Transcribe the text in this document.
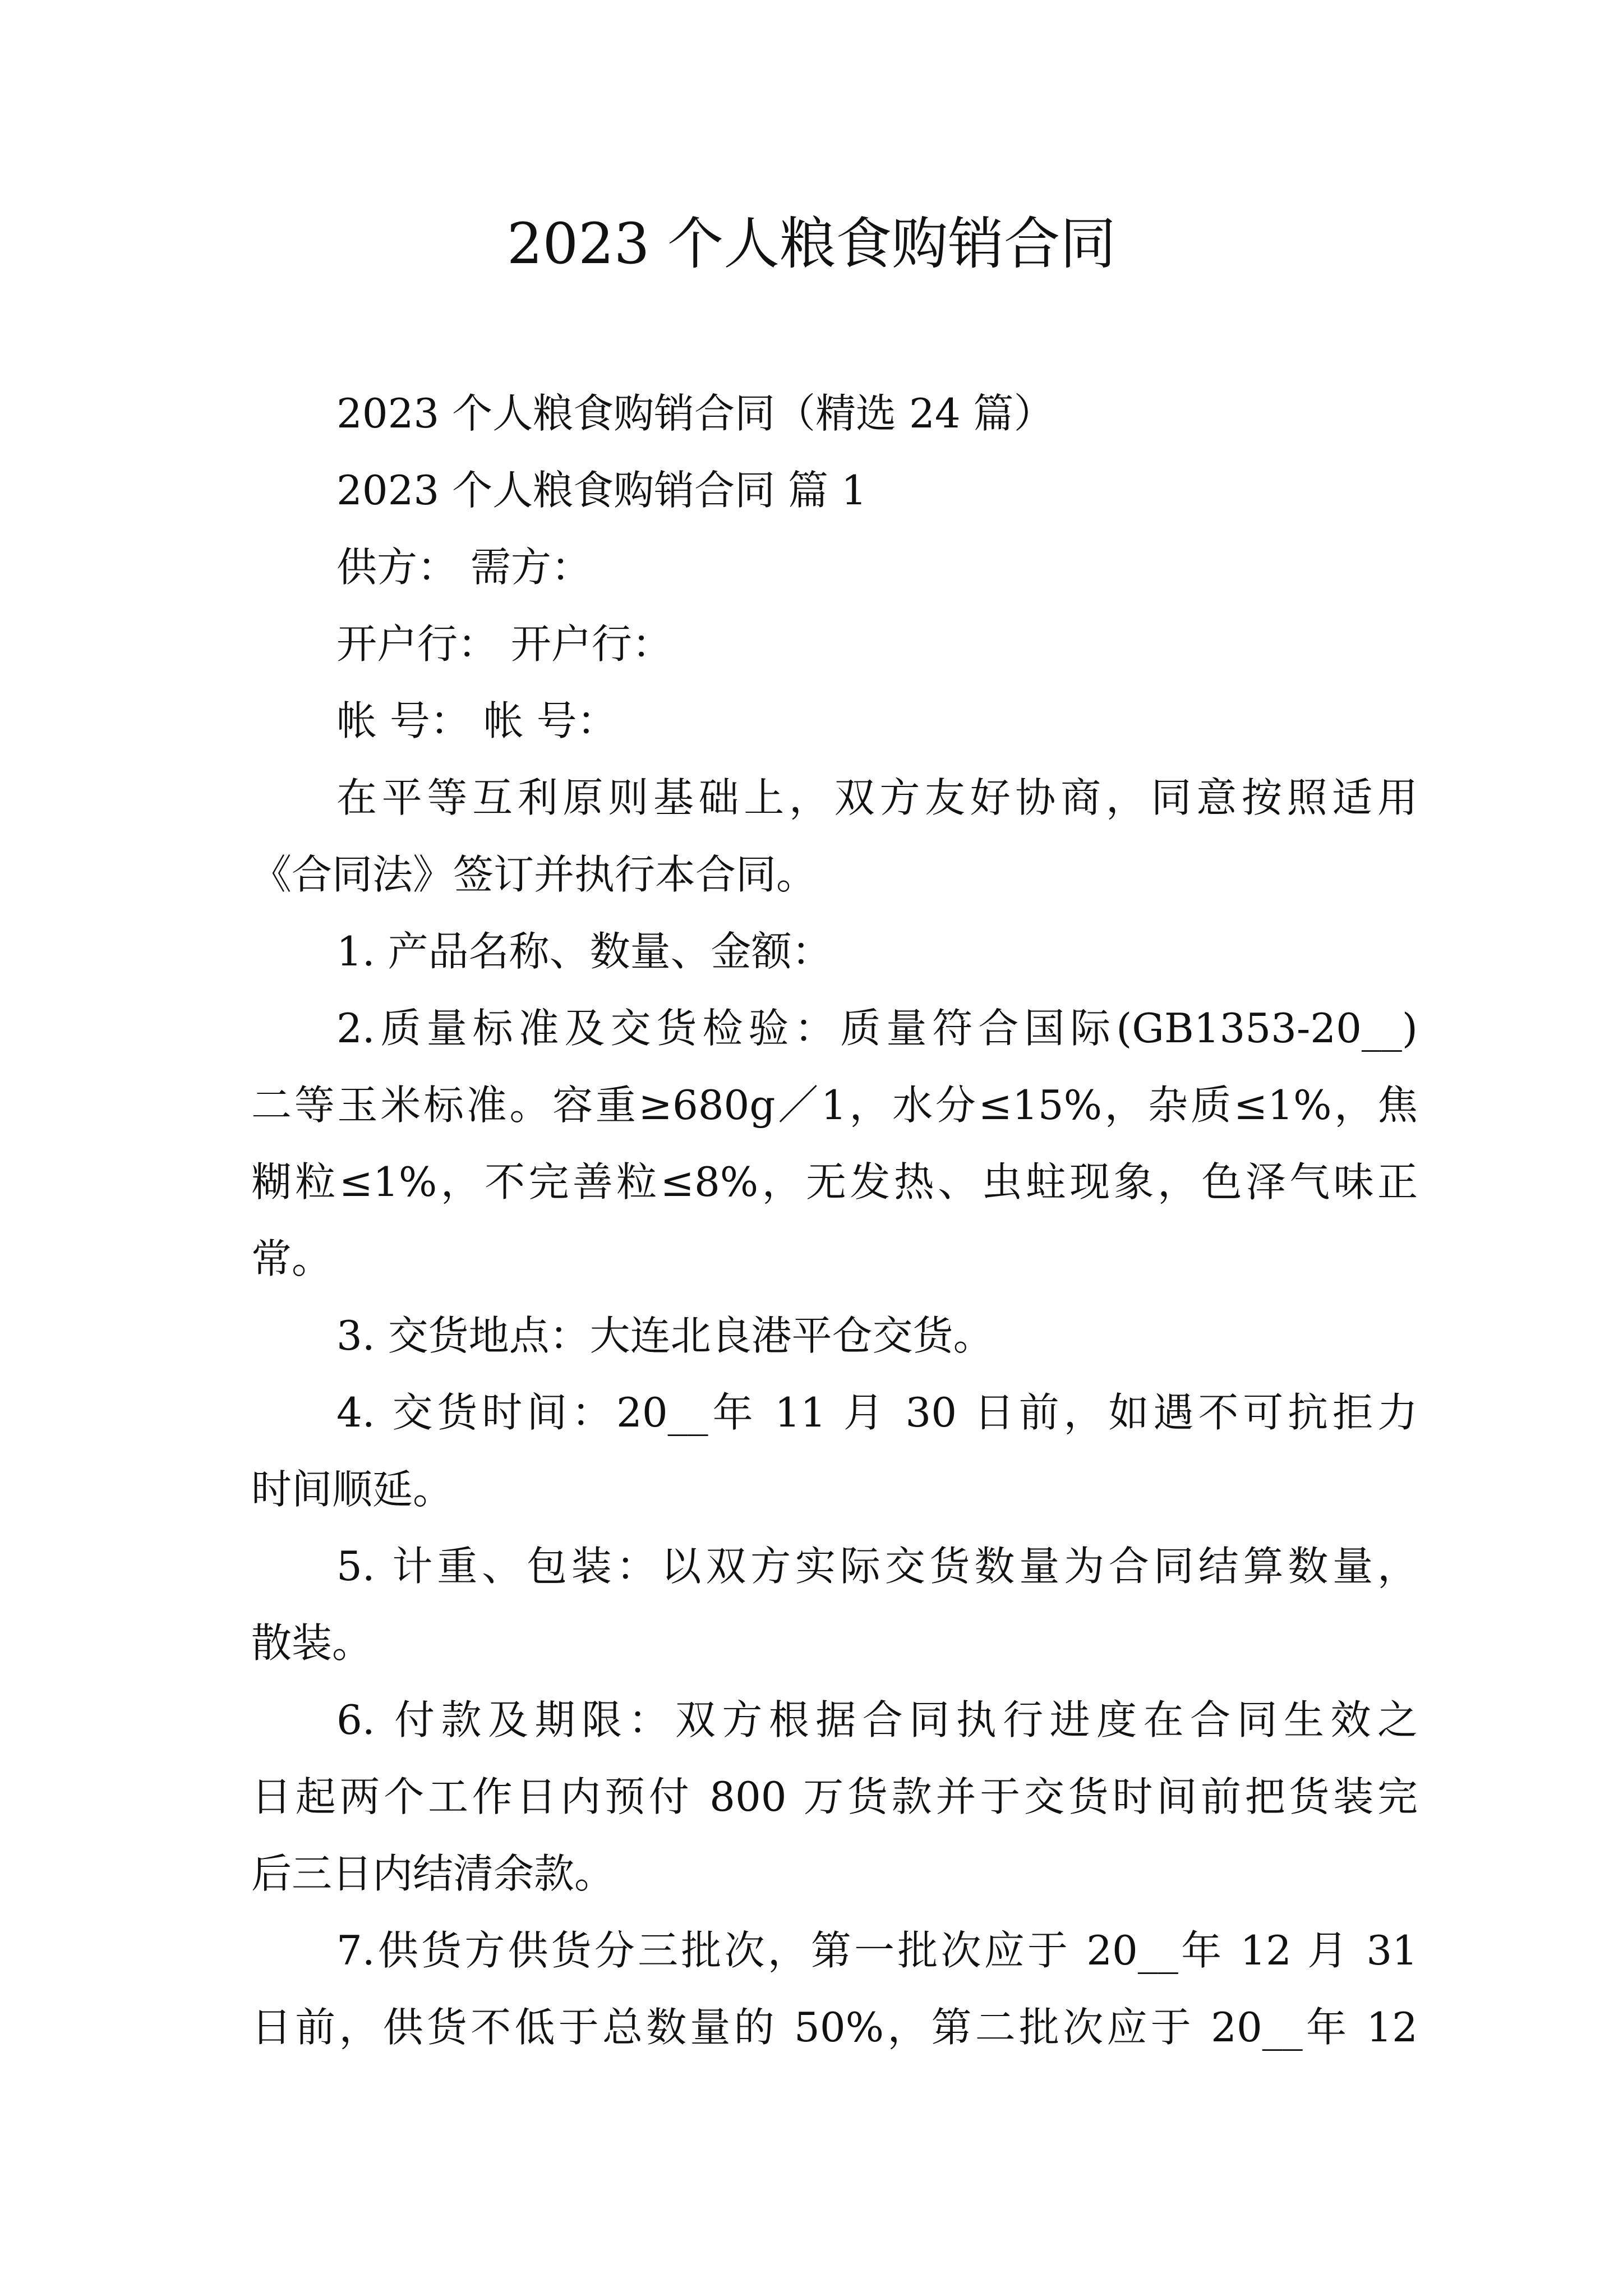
2023 个人粮食购销合同
2023 个人粮食购销合同（精选 24 篇）
2023 个人粮食购销合同 篇 1
供方： 需方：
开户行： 开户行：
帐 号： 帐 号：
在平等互利原则基础上，双方友好协商，同意按照适用
《合同法》签订并执行本合同。
1. 产品名称、数量、金额：
2.质量标准及交货检验：质量符合国际(GB1353-20__)
二等玉米标准。容重≥680g／1，水分≤15%，杂质≤1%，焦
糊粒≤1%，不完善粒≤8%，无发热、虫蛀现象，色泽气味正
常。
3. 交货地点：大连北良港平仓交货。
4. 交货时间：20__年 11 月 30 日前，如遇不可抗拒力
时间顺延。
5. 计重、包装：以双方实际交货数量为合同结算数量，
散装。
6. 付款及期限：双方根据合同执行进度在合同生效之
日起两个工作日内预付 800 万货款并于交货时间前把货装完
后三日内结清余款。
7.供货方供货分三批次，第一批次应于 20__年 12 月 31
日前，供货不低于总数量的 50%，第二批次应于 20__年 12
